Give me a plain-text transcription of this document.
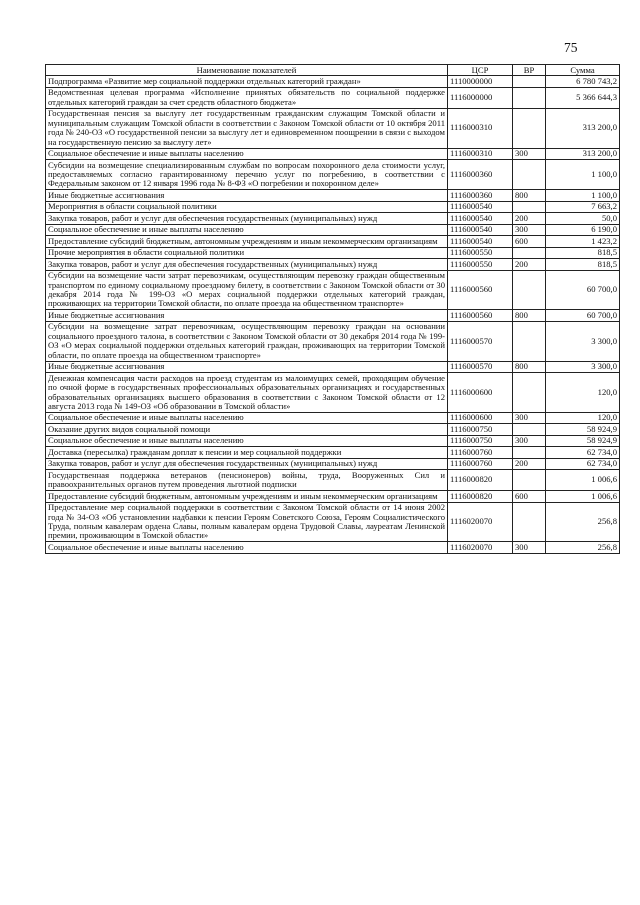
75
Наименование показателей	ЦСР	ВР	Сумма
Подпрограмма «Развитие мер социальной поддержки отдельных категорий граждан»	1110000000		6 780 743,2
Ведомственная целевая программа «Исполнение принятых обязательств по социальной поддержке отдельных категорий граждан за счет средств областного бюджета»	1116000000		5 366 644,3
Государственная пенсия за выслугу лет государственным гражданским служащим Томской области и муниципальным служащим Томской области в соответствии с Законом Томской области от 10 октября 2011 года № 240-ОЗ «О государственной пенсии за выслугу лет и единовременном поощрении в связи с выходом на государственную пенсию за выслугу лет»	1116000310		313 200,0
Социальное обеспечение и иные выплаты населению	1116000310	300	313 200,0
Субсидии на возмещение специализированным службам по вопросам похоронного дела стоимости услуг, предоставляемых согласно гарантированному перечню услуг по погребению, в соответствии с Федеральным законом от 12 января 1996 года № 8-ФЗ «О погребении и похоронном деле»	1116000360		1 100,0
Иные бюджетные ассигнования	1116000360	800	1 100,0
Мероприятия в области социальной политики	1116000540		7 663,2
Закупка товаров, работ и услуг для обеспечения государственных (муниципальных) нужд	1116000540	200	50,0
Социальное обеспечение и иные выплаты населению	1116000540	300	6 190,0
Предоставление субсидий бюджетным, автономным учреждениям и иным некоммерческим организациям	1116000540	600	1 423,2
Прочие мероприятия в области социальной политики	1116000550		818,5
Закупка товаров, работ и услуг для обеспечения государственных (муниципальных) нужд	1116000550	200	818,5
Субсидии на возмещение части затрат перевозчикам, осуществляющим перевозку граждан общественным транспортом по единому социальному проездному билету, в соответствии с Законом Томской области от 30 декабря 2014 года № 199-ОЗ «О мерах социальной поддержки отдельных категорий граждан, проживающих на территории Томской области, по оплате проезда на общественном транспорте»	1116000560		60 700,0
Иные бюджетные ассигнования	1116000560	800	60 700,0
Субсидии на возмещение затрат перевозчикам, осуществляющим перевозку граждан на основании социального проездного талона, в соответствии с Законом Томской области от 30 декабря 2014 года № 199-ОЗ «О мерах социальной поддержки отдельных категорий граждан, проживающих на территории Томской области, по оплате проезда на общественном транспорте»	1116000570		3 300,0
Иные бюджетные ассигнования	1116000570	800	3 300,0
Денежная компенсация части расходов на проезд студентам из малоимущих семей, проходящим обучение по очной форме в государственных профессиональных образовательных организациях и государственных образовательных организациях высшего образования в соответствии с Законом Томской области от 12 августа 2013 года № 149-ОЗ «Об образовании в Томской области»	1116000600		120,0
Социальное обеспечение и иные выплаты населению	1116000600	300	120,0
Оказание других видов социальной помощи	1116000750		58 924,9
Социальное обеспечение и иные выплаты населению	1116000750	300	58 924,9
Доставка (пересылка) гражданам доплат к пенсии и мер социальной поддержки	1116000760		62 734,0
Закупка товаров, работ и услуг для обеспечения государственных (муниципальных) нужд	1116000760	200	62 734,0
Государственная поддержка ветеранов (пенсионеров) войны, труда, Вооруженных Сил и правоохранительных органов путем проведения льготной подписки	1116000820		1 006,6
Предоставление субсидий бюджетным, автономным учреждениям и иным некоммерческим организациям	1116000820	600	1 006,6
Предоставление мер социальной поддержки в соответствии с Законом Томской области от 14 июня 2002 года № 34-ОЗ «Об установлении надбавки к пенсии Героям Советского Союза, Героям Социалистического Труда, полным кавалерам ордена Славы, полным кавалерам ордена Трудовой Славы, лауреатам Ленинской премии, проживающим в Томской области»	1116020070		256,8
Социальное обеспечение и иные выплаты населению	1116020070	300	256,8
